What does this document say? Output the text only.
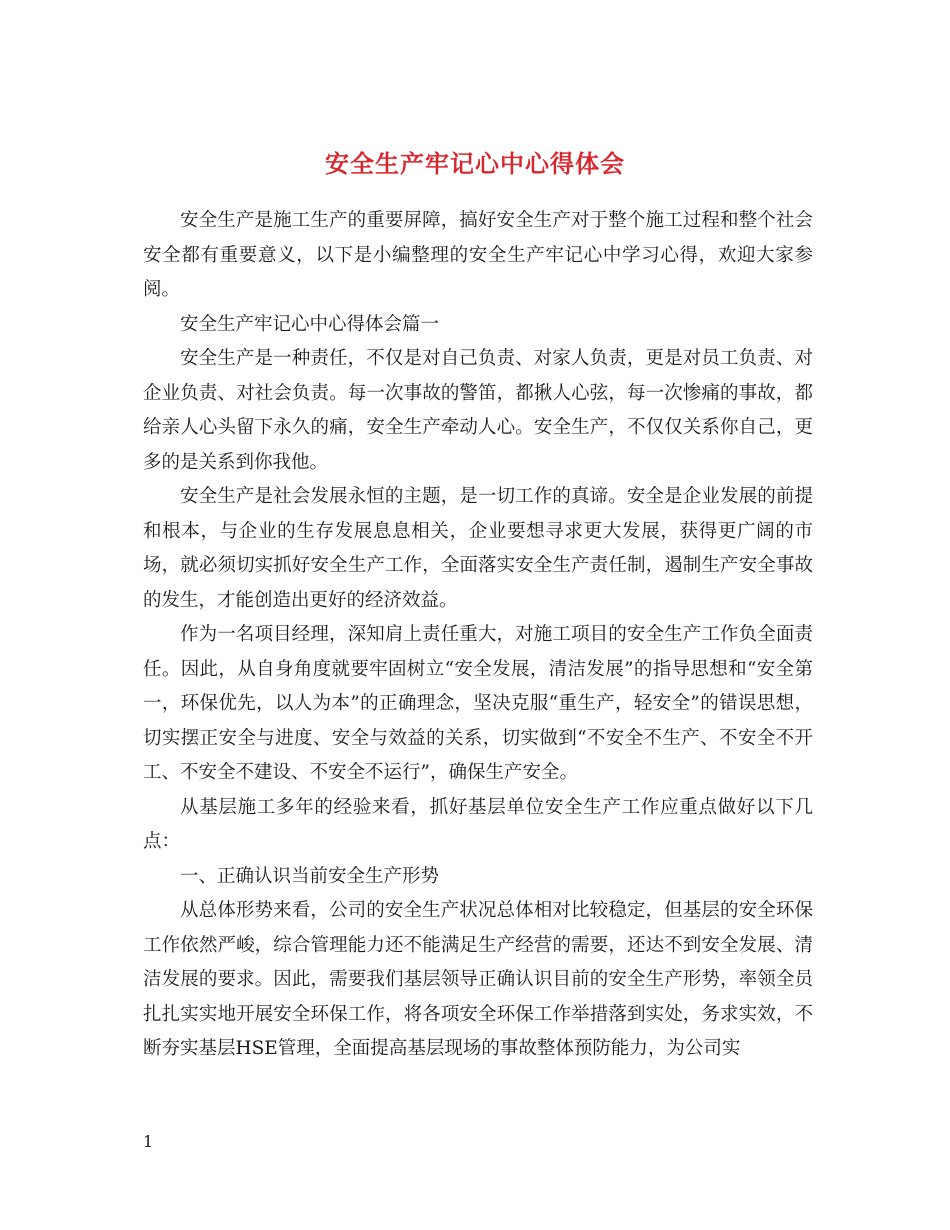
安全生产牢记心中心得体会

安全生产是施工生产的重要屏障，搞好安全生产对于整个施工过程和整个社会安全都有重要意义，以下是小编整理的安全生产牢记心中学习心得，欢迎大家参阅。

安全生产牢记心中心得体会篇一

安全生产是一种责任，不仅是对自己负责、对家人负责，更是对员工负责、对企业负责、对社会负责。每一次事故的警笛，都揪人心弦，每一次惨痛的事故，都给亲人心头留下永久的痛，安全生产牵动人心。安全生产，不仅仅关系你自己，更多的是关系到你我他。

安全生产是社会发展永恒的主题，是一切工作的真谛。安全是企业发展的前提和根本，与企业的生存发展息息相关，企业要想寻求更大发展，获得更广阔的市场，就必须切实抓好安全生产工作，全面落实安全生产责任制，遏制生产安全事故的发生，才能创造出更好的经济效益。

作为一名项目经理，深知肩上责任重大，对施工项目的安全生产工作负全面责任。因此，从自身角度就要牢固树立“安全发展，清洁发展”的指导思想和“安全第一，环保优先，以人为本”的正确理念，坚决克服“重生产，轻安全”的错误思想，切实摆正安全与进度、安全与效益的关系，切实做到“不安全不生产、不安全不开工、不安全不建设、不安全不运行”，确保生产安全。

从基层施工多年的经验来看，抓好基层单位安全生产工作应重点做好以下几点：

一、正确认识当前安全生产形势

从总体形势来看，公司的安全生产状况总体相对比较稳定，但基层的安全环保工作依然严峻，综合管理能力还不能满足生产经营的需要，还达不到安全发展、清洁发展的要求。因此，需要我们基层领导正确认识目前的安全生产形势，率领全员扎扎实实地开展安全环保工作，将各项安全环保工作举措落到实处，务求实效，不断夯实基层HSE管理，全面提高基层现场的事故整体预防能力，为公司实

1
